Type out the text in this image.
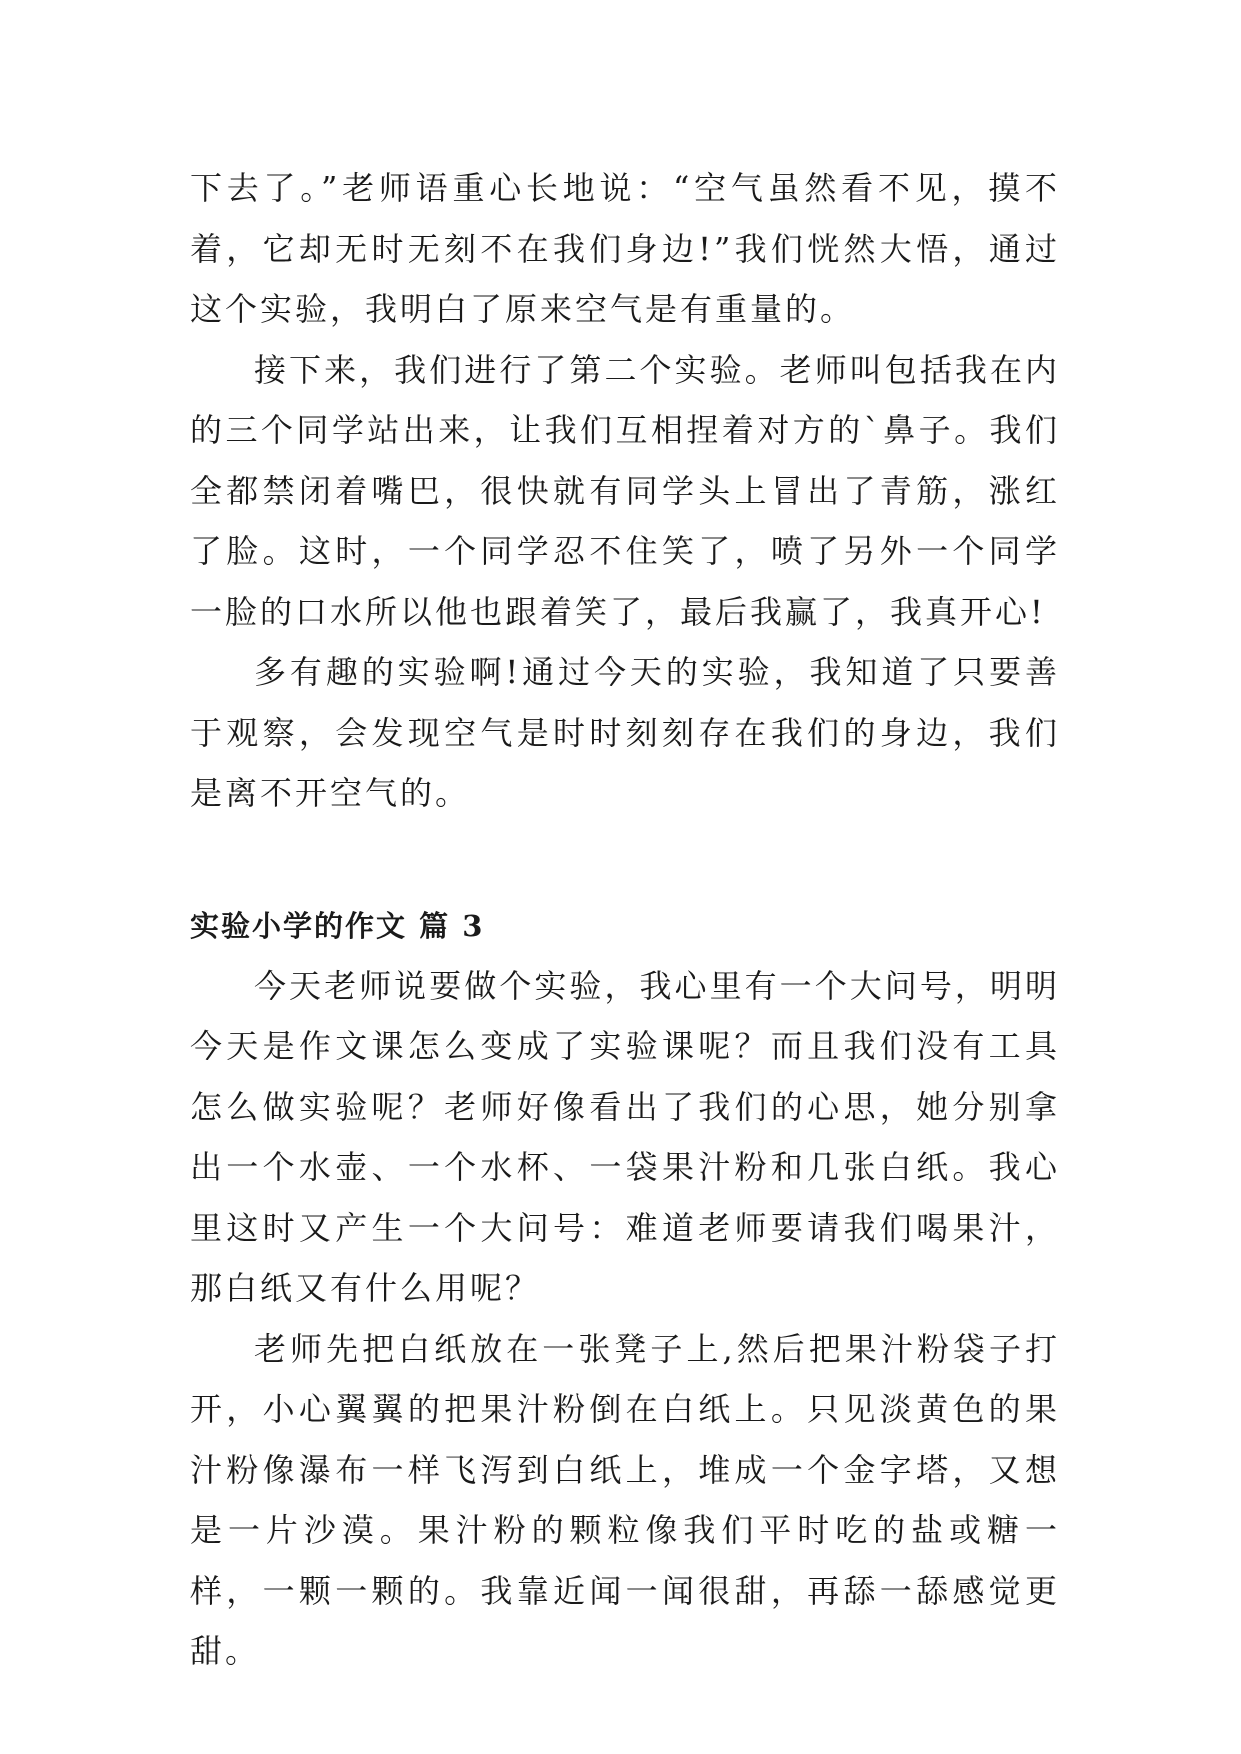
下去了。”老师语重心长地说：“空气虽然看不见，摸不着，它却无时无刻不在我们身边!”我们恍然大悟，通过这个实验，我明白了原来空气是有重量的。

接下来，我们进行了第二个实验。老师叫包括我在内的三个同学站出来，让我们互相捏着对方的`鼻子。我们全都禁闭着嘴巴，很快就有同学头上冒出了青筋，涨红了脸。这时，一个同学忍不住笑了，喷了另外一个同学一脸的口水所以他也跟着笑了，最后我赢了，我真开心!

多有趣的实验啊!通过今天的实验，我知道了只要善于观察，会发现空气是时时刻刻存在我们的身边，我们是离不开空气的。

实验小学的作文 篇 3

今天老师说要做个实验，我心里有一个大问号，明明今天是作文课怎么变成了实验课呢？而且我们没有工具怎么做实验呢？老师好像看出了我们的心思，她分别拿出一个水壶、一个水杯、一袋果汁粉和几张白纸。我心里这时又产生一个大问号：难道老师要请我们喝果汁，那白纸又有什么用呢？

老师先把白纸放在一张凳子上,然后把果汁粉袋子打开，小心翼翼的把果汁粉倒在白纸上。只见淡黄色的果汁粉像瀑布一样飞泻到白纸上，堆成一个金字塔，又想是一片沙漠。果汁粉的颗粒像我们平时吃的盐或糖一样，一颗一颗的。我靠近闻一闻很甜，再舔一舔感觉更甜。
